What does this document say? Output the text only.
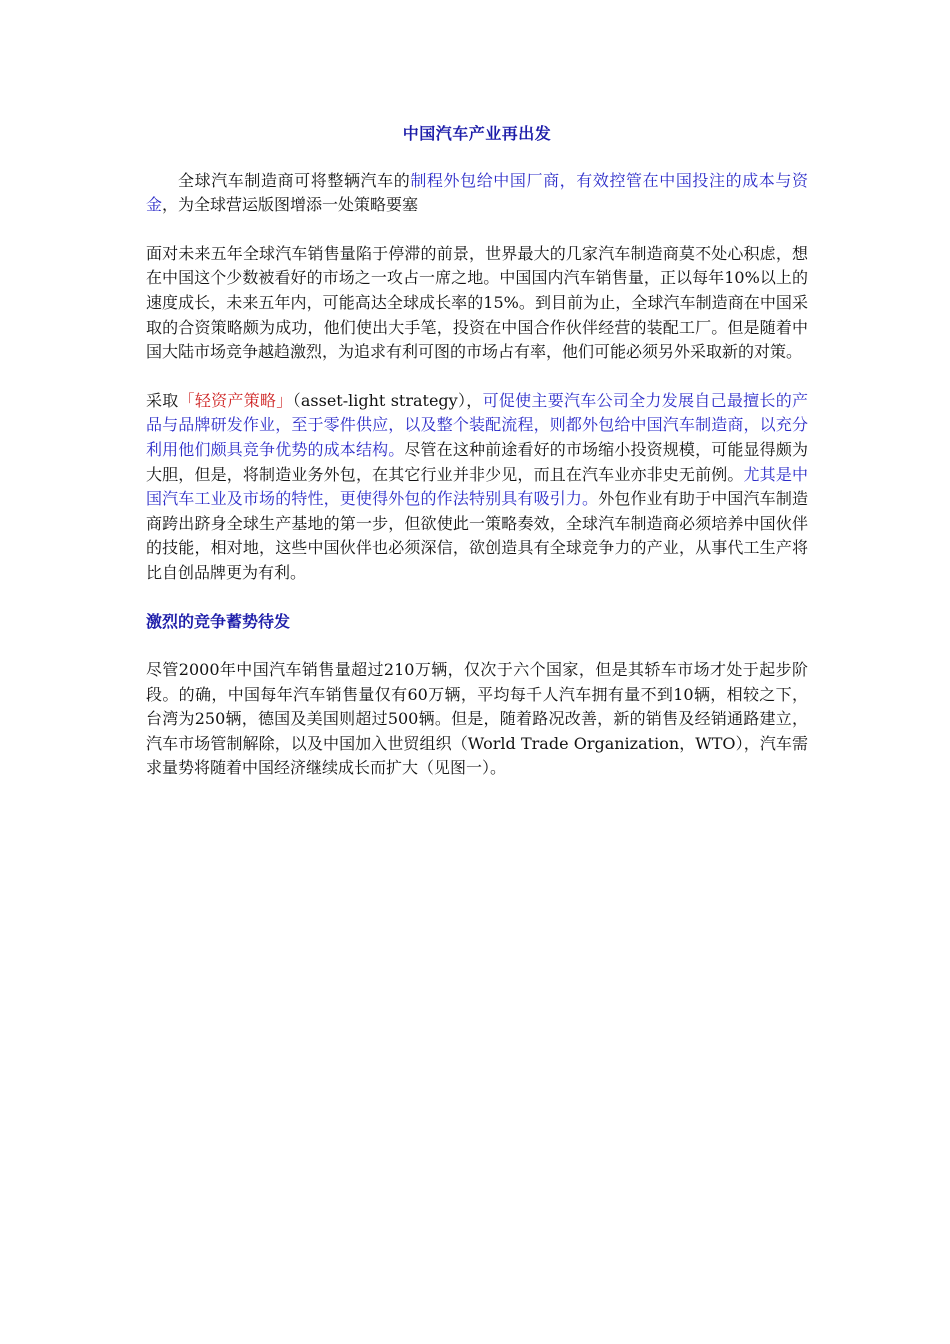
中国汽车产业再出发

全球汽车制造商可将整辆汽车的制程外包给中国厂商，有效控管在中国投注的成本与资金，为全球营运版图增添一处策略要塞

面对未来五年全球汽车销售量陷于停滞的前景，世界最大的几家汽车制造商莫不处心积虑，想在中国这个少数被看好的市场之一攻占一席之地。中国国内汽车销售量，正以每年10%以上的速度成长，未来五年内，可能高达全球成长率的15%。到目前为止，全球汽车制造商在中国采取的合资策略颇为成功，他们使出大手笔，投资在中国合作伙伴经营的装配工厂。但是随着中国大陆市场竞争越趋激烈，为追求有利可图的市场占有率，他们可能必须另外采取新的对策。

采取「轻资产策略」（asset-light strategy），可促使主要汽车公司全力发展自己最擅长的产品与品牌研发作业，至于零件供应，以及整个装配流程，则都外包给中国汽车制造商，以充分利用他们颇具竞争优势的成本结构。尽管在这种前途看好的市场缩小投资规模，可能显得颇为大胆，但是，将制造业务外包，在其它行业并非少见，而且在汽车业亦非史无前例。尤其是中国汽车工业及市场的特性，更使得外包的作法特别具有吸引力。外包作业有助于中国汽车制造商跨出跻身全球生产基地的第一步，但欲使此一策略奏效，全球汽车制造商必须培养中国伙伴的技能，相对地，这些中国伙伴也必须深信，欲创造具有全球竞争力的产业，从事代工生产将比自创品牌更为有利。

激烈的竞争蓄势待发

尽管2000年中国汽车销售量超过210万辆，仅次于六个国家，但是其轿车市场才处于起步阶段。的确，中国每年汽车销售量仅有60万辆，平均每千人汽车拥有量不到10辆，相较之下，台湾为250辆，德国及美国则超过500辆。但是，随着路况改善，新的销售及经销通路建立，汽车市场管制解除，以及中国加入世贸组织（World Trade Organization，WTO），汽车需求量势将随着中国经济继续成长而扩大（见图一）。
